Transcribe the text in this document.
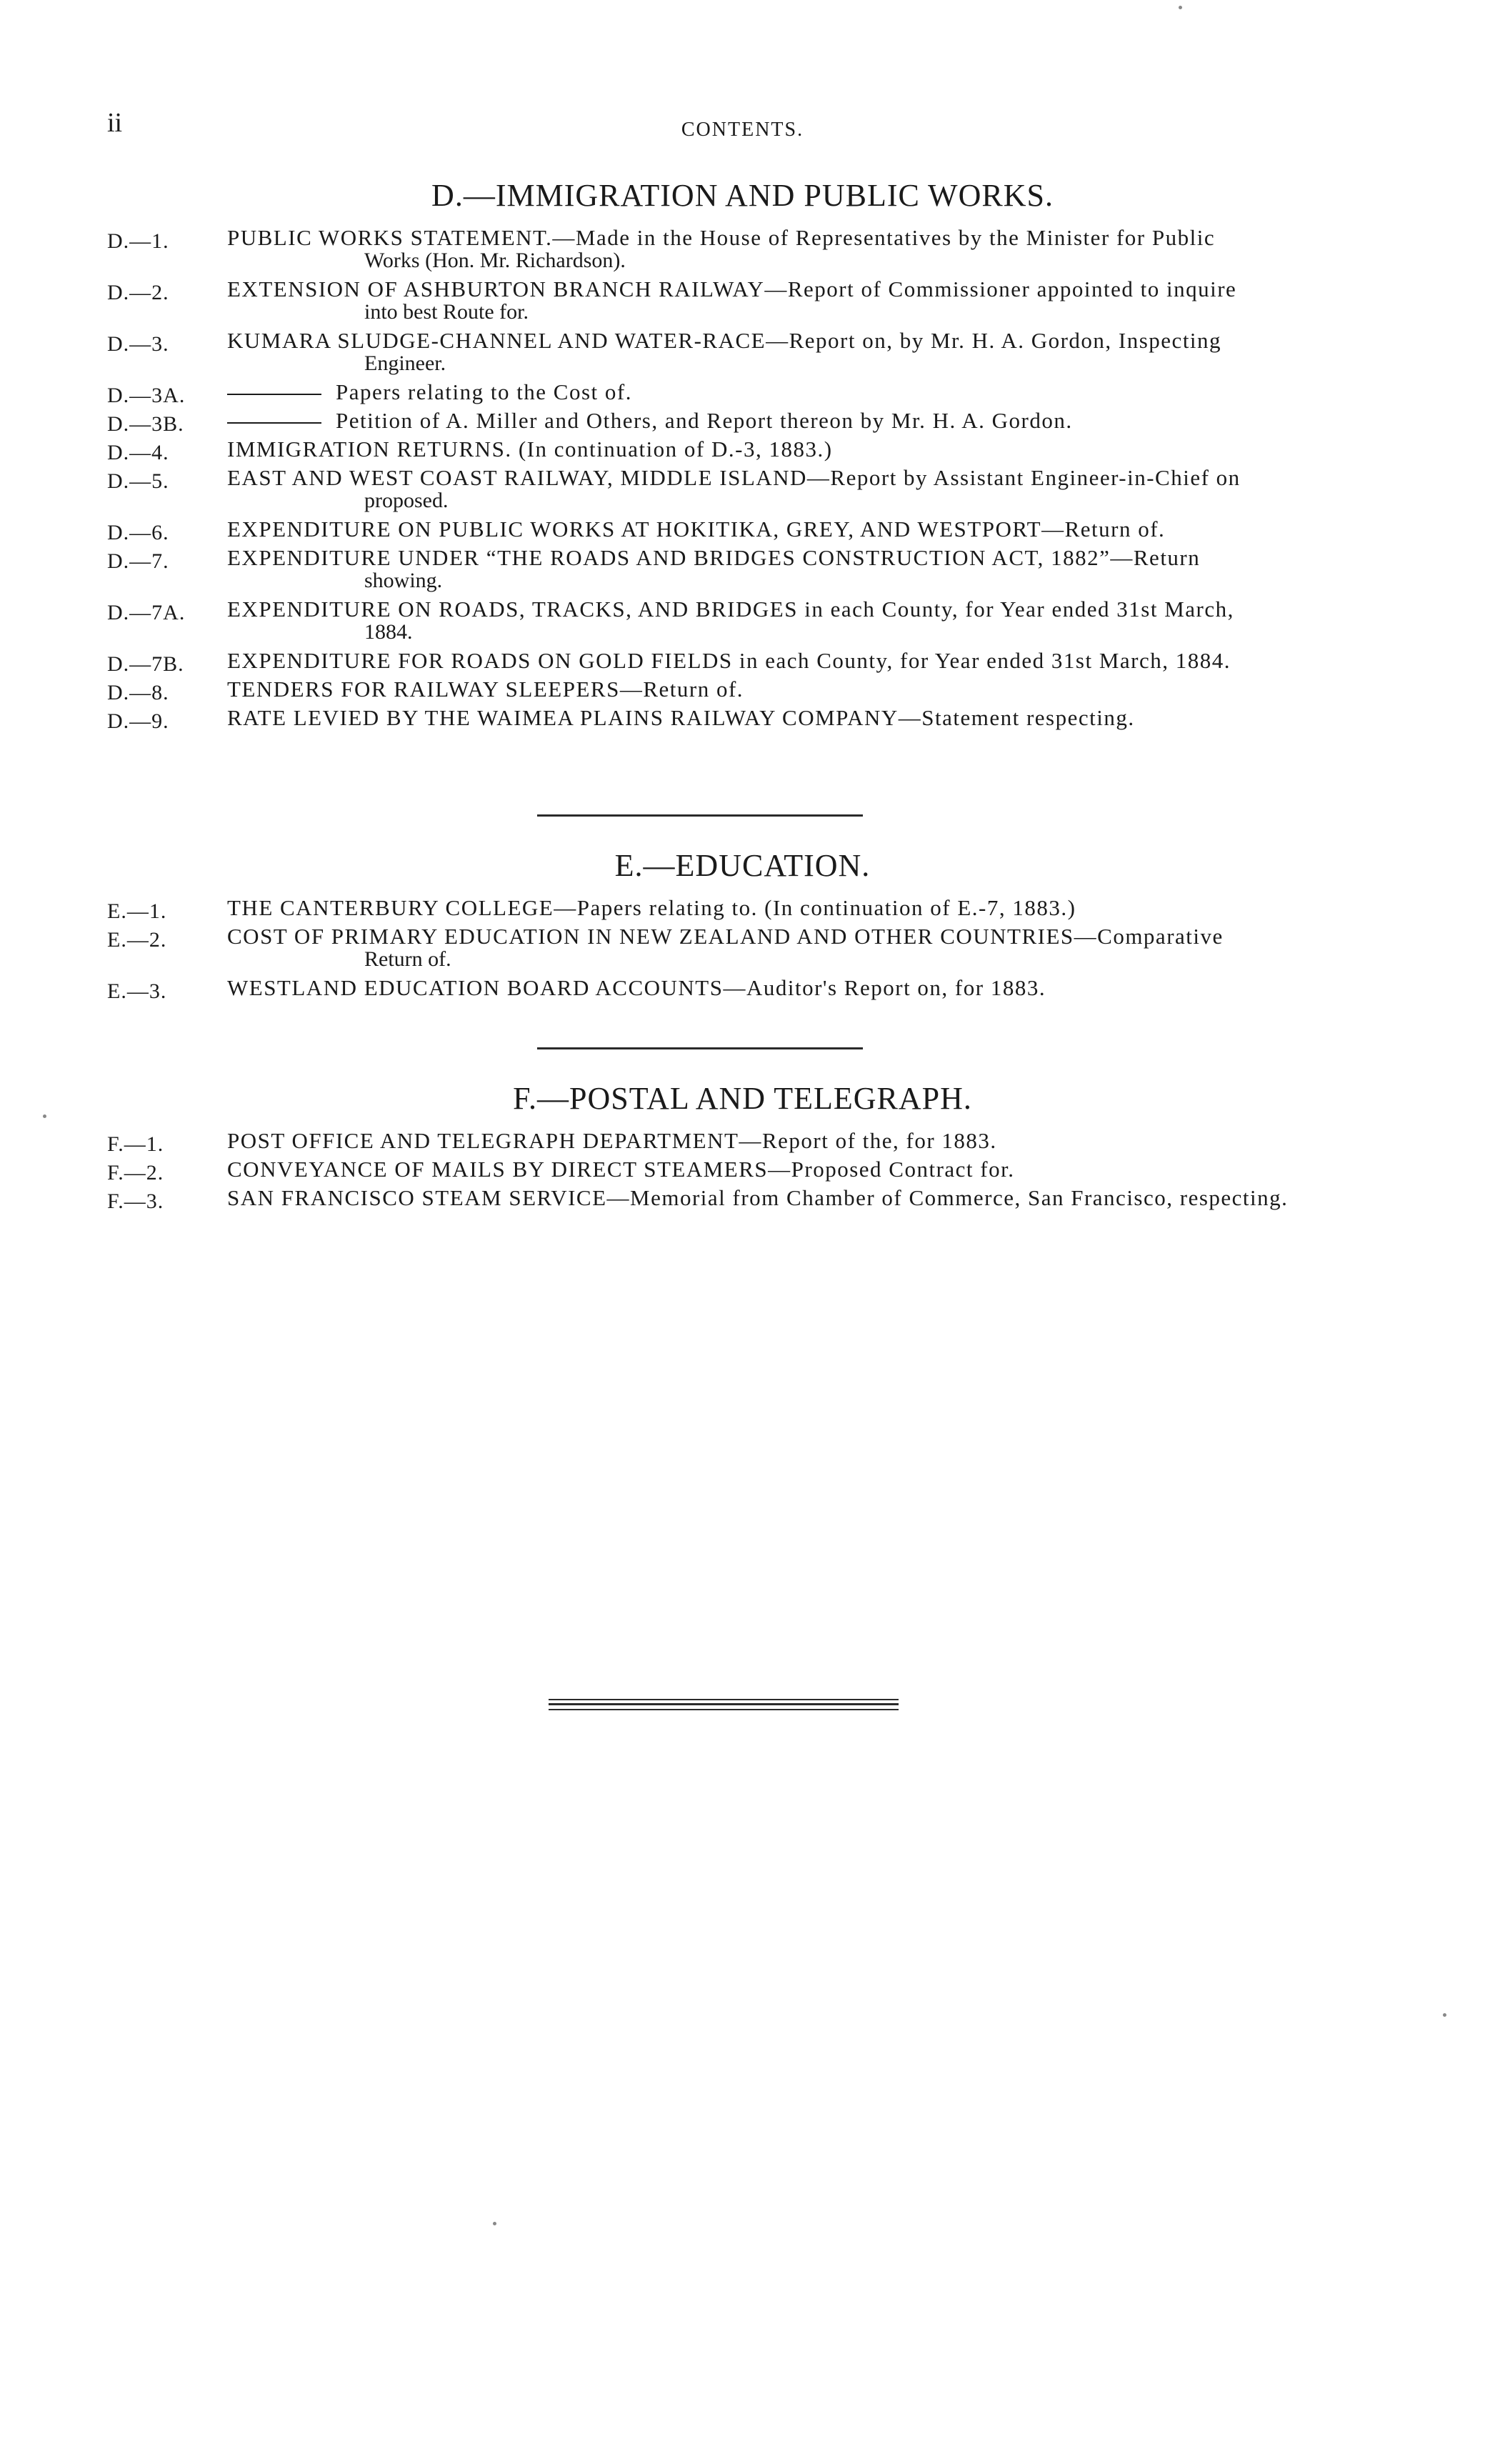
ii	CONTENTS.
D.—IMMIGRATION AND PUBLIC WORKS.
D.—1.	PUBLIC WORKS STATEMENT.—Made in the House of Representatives by the Minister for Public
Works (Hon. Mr. Richardson).
D.—2.	EXTENSION OF ASHBURTON BRANCH RAILWAY—Report of Commissioner appointed to inquire
into best Route for.
D.—3.	KUMARA SLUDGE-CHANNEL AND WATER-RACE—Report on, by Mr. H. A. Gordon, Inspecting
Engineer.
D.—3A.	Papers relating to the Cost of.
D.—3B.	Petition of A. Miller and Others, and Report thereon by Mr. H. A. Gordon.
D.—4.	IMMIGRATION RETURNS. (In continuation of D.-3, 1883.)
D.—5.	EAST AND WEST COAST RAILWAY, MIDDLE ISLAND—Report by Assistant Engineer-in-Chief on
proposed.
D.—6.	EXPENDITURE ON PUBLIC WORKS AT HOKITIKA, GREY, AND WESTPORT—Return of.
D.—7.	EXPENDITURE UNDER “THE ROADS AND BRIDGES CONSTRUCTION ACT, 1882”—Return
showing.
D.—7A.	EXPENDITURE ON ROADS, TRACKS, AND BRIDGES in each County, for Year ended 31st March,
1884.
D.—7B.	EXPENDITURE FOR ROADS ON GOLD FIELDS in each County, for Year ended 31st March, 1884.
D.—8.	TENDERS FOR RAILWAY SLEEPERS—Return of.
D.—9.	RATE LEVIED BY THE WAIMEA PLAINS RAILWAY COMPANY—Statement respecting.
E.—EDUCATION.
E.—1.	THE CANTERBURY COLLEGE—Papers relating to. (In continuation of E.-7, 1883.)
E.—2.	COST OF PRIMARY EDUCATION IN NEW ZEALAND AND OTHER COUNTRIES—Comparative
Return of.
E.—3.	WESTLAND EDUCATION BOARD ACCOUNTS—Auditor's Report on, for 1883.
F.—POSTAL AND TELEGRAPH.
F.—1.	POST OFFICE AND TELEGRAPH DEPARTMENT—Report of the, for 1883.
F.—2.	CONVEYANCE OF MAILS BY DIRECT STEAMERS—Proposed Contract for.
F.—3.	SAN FRANCISCO STEAM SERVICE—Memorial from Chamber of Commerce, San Francisco, respecting.
